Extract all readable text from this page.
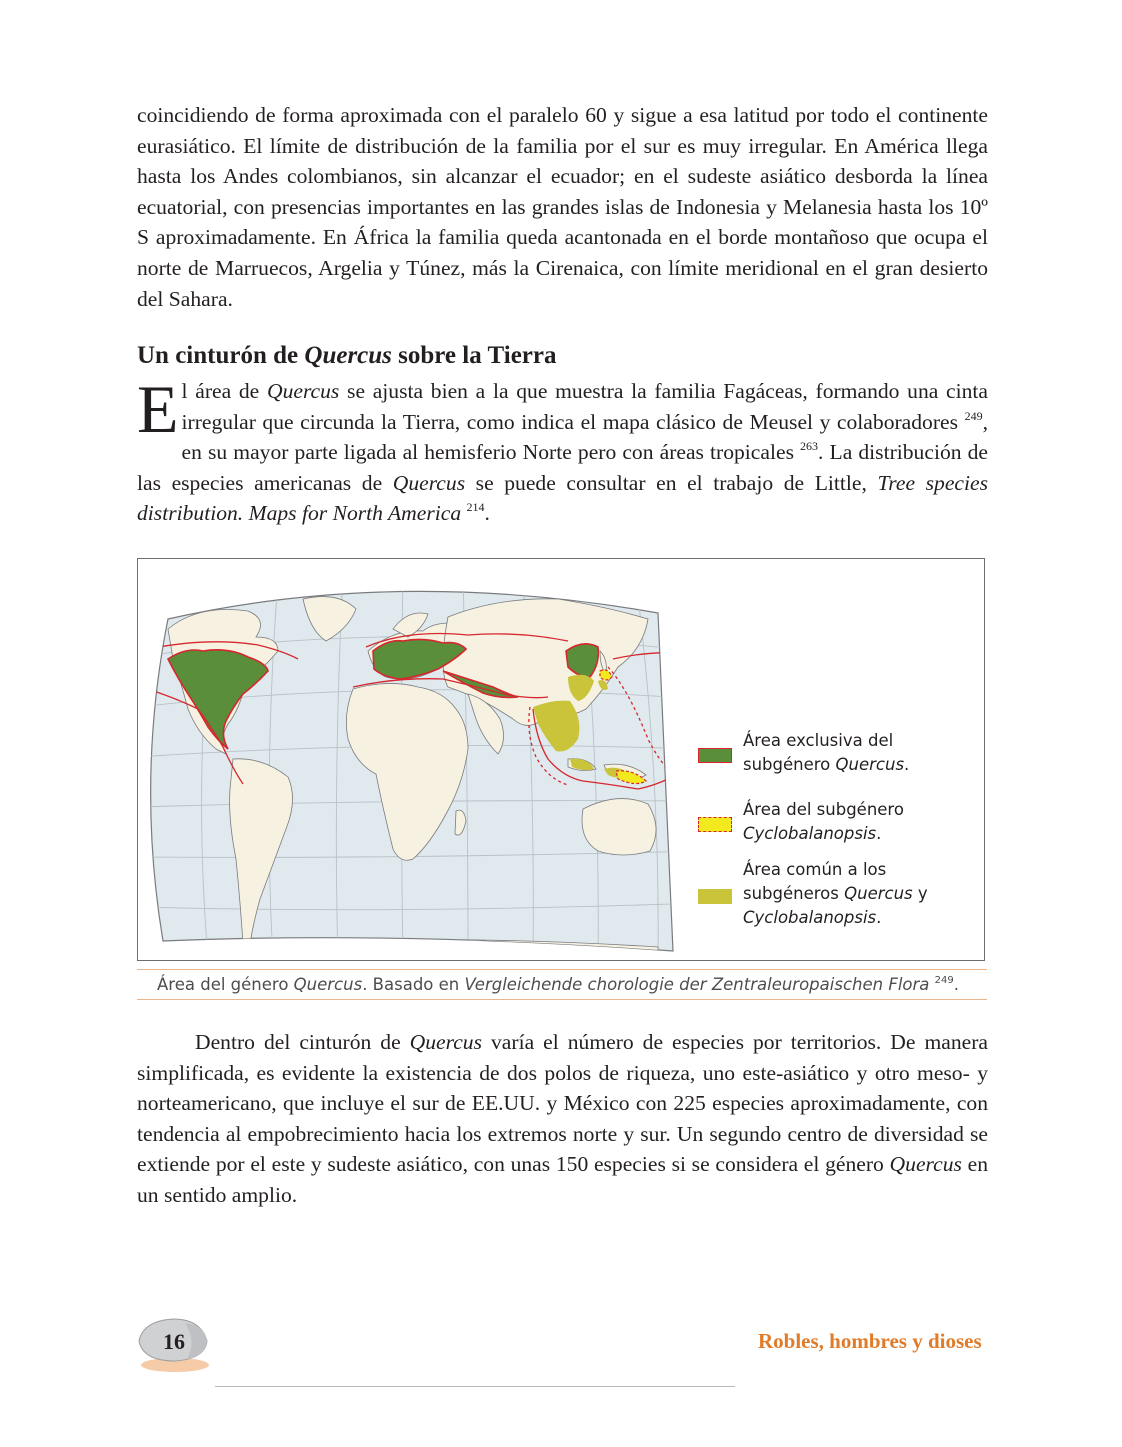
coincidiendo de forma aproximada con el paralelo 60 y sigue a esa latitud por todo el continente eurasiático. El límite de distribución de la familia por el sur es muy irregular. En América llega hasta los Andes colombianos, sin alcanzar el ecuador; en el sudeste asiático desborda la línea ecuatorial, con presencias importantes en las grandes islas de Indonesia y Melanesia hasta los 10º S aproximadamente. En África la familia queda acantonada en el borde montañoso que ocupa el norte de Marruecos, Argelia y Túnez, más la Cirenaica, con límite meridional en el gran desierto del Sahara.

Un cinturón de Quercus sobre la Tierra

El área de Quercus se ajusta bien a la que muestra la familia Fagáceas, formando una cinta irregular que circunda la Tierra, como indica el mapa clásico de Meusel y colaboradores $^{249}$, en su mayor parte ligada al hemisferio Norte pero con áreas tropicales $^{263}$. La distribución de las especies americanas de Quercus se puede consultar en el trabajo de Little, Tree species distribution. Maps for North America $^{214}$.

Área exclusiva del subgénero Quercus.

Área del subgénero Cyclobalanopsis.

Área común a los subgéneros Quercus y Cyclobalanopsis.

Área del género Quercus. Basado en Vergleichende chorologie der Zentraleuropaischen Flora $^{249}$.

Dentro del cinturón de Quercus varía el número de especies por territorios. De manera simplificada, es evidente la existencia de dos polos de riqueza, uno este-asiático y otro meso- y norteamericano, que incluye el sur de EE.UU. y México con 225 especies aproximadamente, con tendencia al empobrecimiento hacia los extremos norte y sur. Un segundo centro de diversidad se extiende por el este y sudeste asiático, con unas 150 especies si se considera el género Quercus en un sentido amplio.

16	Robles, hombres y dioses
